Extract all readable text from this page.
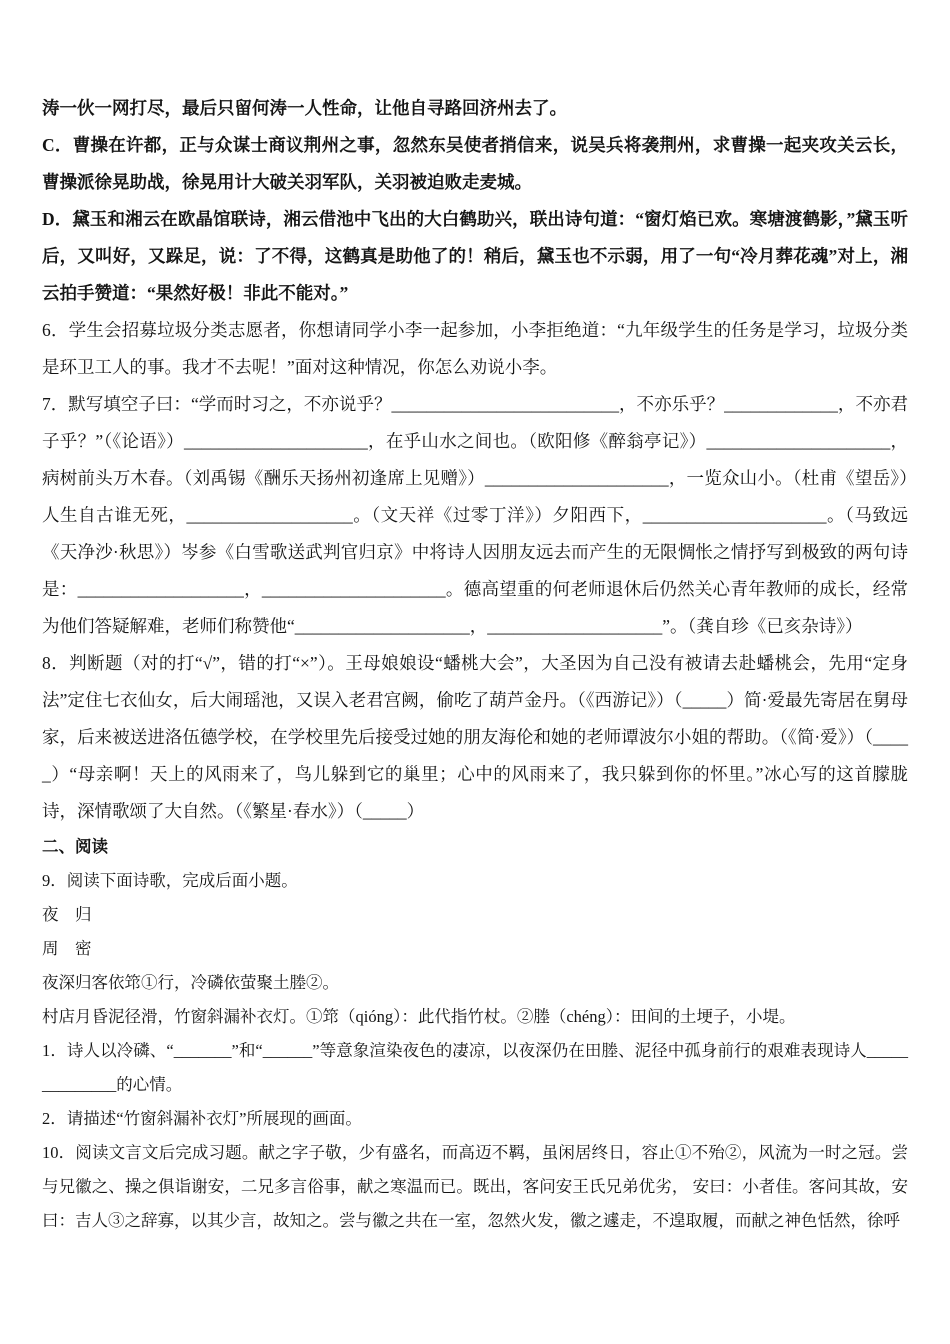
涛一伙一网打尽，最后只留何涛一人性命，让他自寻路回济州去了。

C．曹操在许都，正与众谋士商议荆州之事，忽然东吴使者捎信来，说吴兵将袭荆州，求曹操一起夹攻关云长，曹操派徐晃助战，徐晃用计大破关羽军队，关羽被迫败走麦城。

D．黛玉和湘云在欧晶馆联诗，湘云借池中飞出的大白鹤助兴，联出诗句道：“窗灯焰已欢。寒塘渡鹤影，”黛玉听后，又叫好，又跺足，说：了不得，这鹤真是助他了的！稍后，黛玉也不示弱，用了一句“冷月葬花魂”对上，湘云拍手赞道：“果然好极！非此不能对。”

6．学生会招募垃圾分类志愿者，你想请同学小李一起参加，小李拒绝道：“九年级学生的任务是学习，垃圾分类是环卫工人的事。我才不去呢！”面对这种情况，你怎么劝说小李。

7．默写填空子曰：“学而时习之，不亦说乎？__________________________，不亦乐乎？_____________，不亦君子乎？”（《论语》）_____________________，在乎山水之间也。（欧阳修《醉翁亭记》）_____________________，病树前头万木春。（刘禹锡《酬乐天扬州初逢席上见赠》）_____________________，一览众山小。（杜甫《望岳》）人生自古谁无死，___________________。（文天祥《过零丁洋》）夕阳西下，_____________________。（马致远《天净沙·秋思》）岑参《白雪歌送武判官归京》中将诗人因朋友远去而产生的无限惆怅之情抒写到极致的两句诗是：___________________，_____________________。德高望重的何老师退休后仍然关心青年教师的成长，经常为他们答疑解难，老师们称赞他“____________________，____________________”。（龚自珍《已亥杂诗》）

8．判断题（对的打“√”，错的打“×”）。王母娘娘设“蟠桃大会”，大圣因为自己没有被请去赴蟠桃会，先用“定身法”定住七衣仙女，后大闹瑶池，又误入老君宫阙，偷吃了葫芦金丹。（《西游记》）（_____）简·爱最先寄居在舅母家，后来被送进洛伍德学校，在学校里先后接受过她的朋友海伦和她的老师谭波尔小姐的帮助。（《简·爱》）（_____）“母亲啊！天上的风雨来了，鸟儿躲到它的巢里；心中的风雨来了，我只躲到你的怀里。”冰心写的这首朦胧诗，深情歌颂了大自然。（《繁星·春水》）（_____）

二、阅读

9．阅读下面诗歌，完成后面小题。

夜　归

周　密

夜深归客依筇①行，冷磷依萤聚土塍②。

村店月昏泥径滑，竹窗斜漏补衣灯。①筇（qióng）：此代指竹杖。②塍（chéng）：田间的土埂子，小堤。

1．诗人以冷磷、“_______”和“______”等意象渲染夜色的凄凉，以夜深仍在田塍、泥径中孤身前行的艰难表现诗人______________的心情。

2．请描述“竹窗斜漏补衣灯”所展现的画面。

10．阅读文言文后完成习题。献之字子敬，少有盛名，而高迈不羁，虽闲居终日，容止①不殆②，风流为一时之冠。尝与兄徽之、操之俱诣谢安，二兄多言俗事，献之寒温而已。既出，客问安王氏兄弟优劣， 安曰：小者佳。客问其故，安曰：吉人③之辞寡，以其少言，故知之。尝与徽之共在一室，忽然火发，徽之遽走，不遑取履，而献之神色恬然，徐呼
